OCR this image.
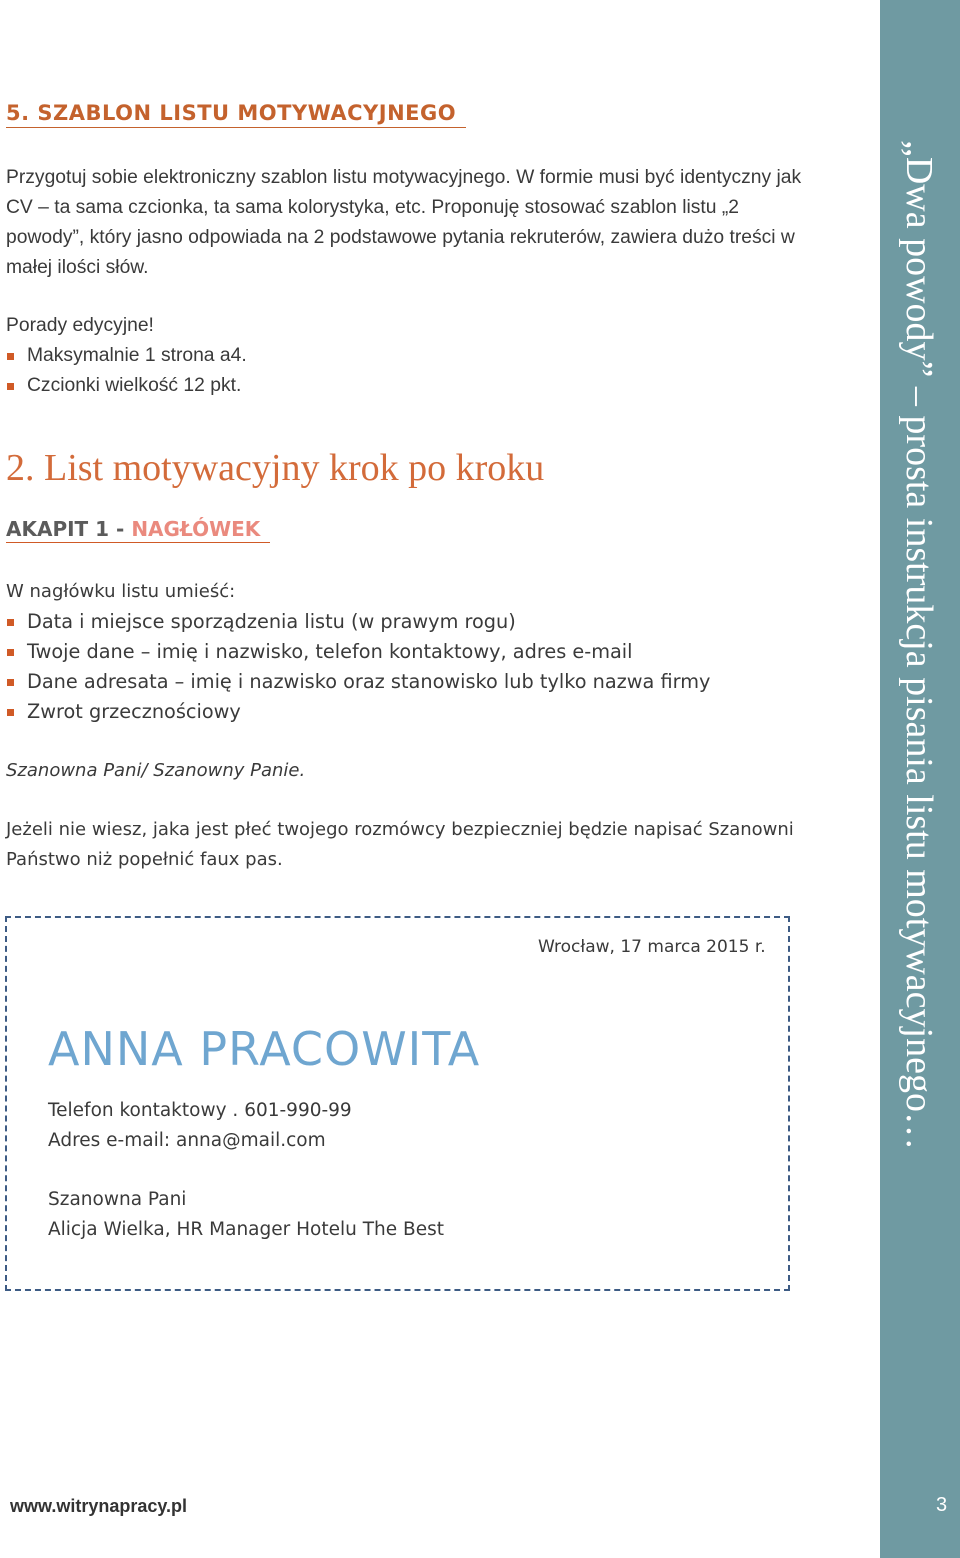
„Dwa powody” – prosta instrukcja pisania listu motywacyjnego…
3
5. SZABLON LISTU MOTYWACYJNEGO

Przygotuj sobie elektroniczny szablon listu motywacyjnego. W formie musi być identyczny jak CV – ta sama czcionka, ta sama kolorystyka, etc. Proponuję stosować szablon listu „2 powody”, który jasno odpowiada na 2 podstawowe pytania rekruterów, zawiera dużo treści w małej ilości słów.

Porady edycyjne!

Maksymalnie 1 strona a4.
Czcionki wielkość 12 pkt.
2. List motywacyjny krok po kroku
AKAPIT 1 - NAGŁÓWEK

W nagłówku listu umieść:

Data i miejsce sporządzenia listu (w prawym rogu)
Twoje dane – imię i nazwisko, telefon kontaktowy, adres e-mail
Dane adresata – imię i nazwisko oraz stanowisko lub tylko nazwa firmy
Zwrot grzecznościowy

Szanowna Pani/ Szanowny Panie.

Jeżeli nie wiesz, jaka jest płeć twojego rozmówcy bezpieczniej będzie napisać Szanowni Państwo niż popełnić faux pas.

Wrocław, 17 marca 2015 r.
ANNA PRACOWITA
Telefon kontaktowy . 601-990-99
Adres e-mail: anna@mail.com
Szanowna Pani
Alicja Wielka, HR Manager Hotelu The Best
www.witrynapracy.pl
